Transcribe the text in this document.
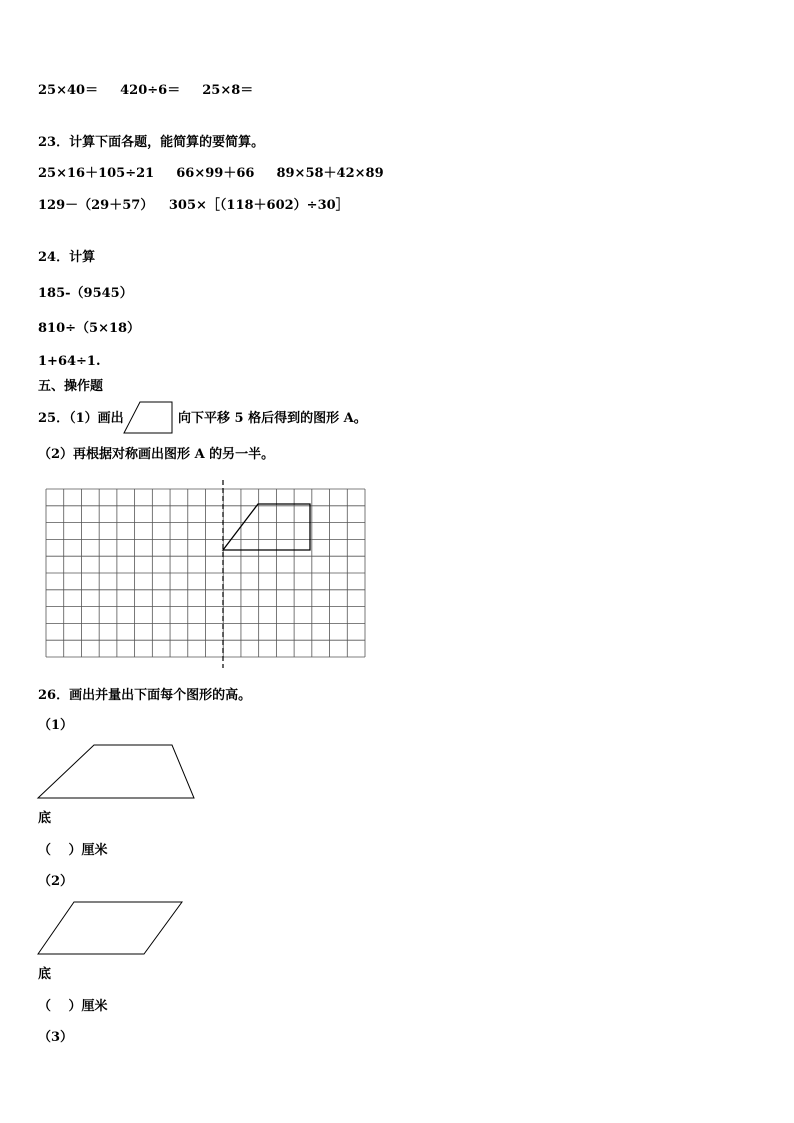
25×40＝　  420÷6＝　  25×8＝
23．计算下面各题，能简算的要简算。
25×16＋105÷21　  66×99＋66　  89×58＋42×89
129－（29＋57）　  305×［（118＋602）÷30］
24．计算
185-（9545）
810÷（5×18）
1+64÷1.
五、操作题
25．（1）画出	向下平移 5 格后得到的图形 A。
（2）再根据对称画出图形 A 的另一半。
26．画出并量出下面每个图形的高。
（1）
底
（　 ）厘米
（2）
底
（　 ）厘米
（3）
